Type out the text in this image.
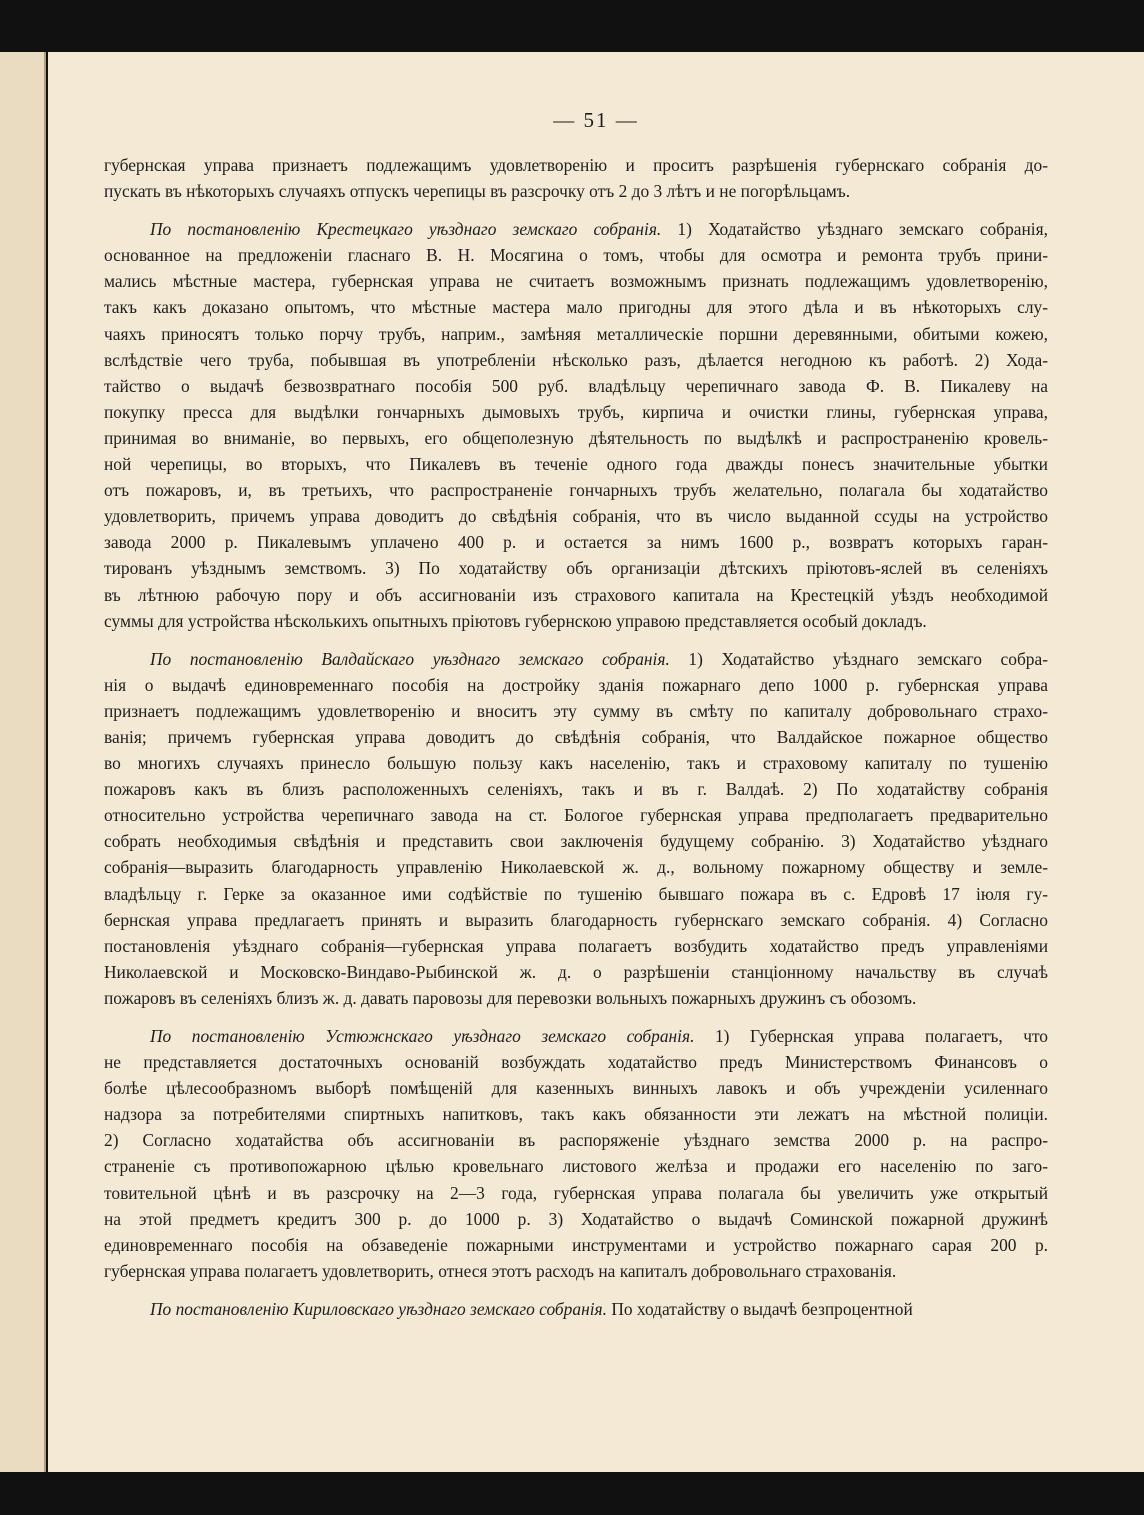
— 51 —
губернская управа признаетъ подлежащимъ удовлетворенію и проситъ разрѣшенія губернскаго собранія до-
пускать въ нѣкоторыхъ случаяхъ отпускъ черепицы въ разсрочку отъ 2 до 3 лѣтъ и не погорѣльцамъ.
По постановленію Крестецкаго уѣзднаго земскаго собранія. 1) Ходатайство уѣзднаго земскаго собранія,
основанное на предложеніи гласнаго В. Н. Мосягина о томъ, чтобы для осмотра и ремонта трубъ прини-
мались мѣстные мастера, губернская управа не считаетъ возможнымъ признать подлежащимъ удовлетворенію,
такъ какъ доказано опытомъ, что мѣстные мастера мало пригодны для этого дѣла и въ нѣкоторыхъ слу-
чаяхъ приносятъ только порчу трубъ, наприм., замѣняя металлическіе поршни деревянными, обитыми кожею,
вслѣдствіе чего труба, побывшая въ употребленіи нѣсколько разъ, дѣлается негодною къ работѣ. 2) Хода-
тайство о выдачѣ безвозвратнаго пособія 500 руб. владѣльцу черепичнаго завода Ф. В. Пикалеву на
покупку пресса для выдѣлки гончарныхъ дымовыхъ трубъ, кирпича и очистки глины, губернская управа,
принимая во вниманіе, во первыхъ, его общеполезную дѣятельность по выдѣлкѣ и распространенію кровель-
ной черепицы, во вторыхъ, что Пикалевъ въ теченіе одного года дважды понесъ значительные убытки
отъ пожаровъ, и, въ третьихъ, что распространеніе гончарныхъ трубъ желательно, полагала бы ходатайство
удовлетворить, причемъ управа доводитъ до свѣдѣнія собранія, что въ число выданной ссуды на устройство
завода 2000 р. Пикалевымъ уплачено 400 р. и остается за нимъ 1600 р., возвратъ которыхъ гаран-
тированъ уѣзднымъ земствомъ. 3) По ходатайству объ организаціи дѣтскихъ пріютовъ-яслей въ селеніяхъ
въ лѣтнюю рабочую пору и объ ассигнованіи изъ страхового капитала на Крестецкій уѣздъ необходимой
суммы для устройства нѣсколькихъ опытныхъ пріютовъ губернскою управою представляется особый докладъ.
По постановленію Валдайскаго уѣзднаго земскаго собранія. 1) Ходатайство уѣзднаго земскаго собра-
нія о выдачѣ единовременнаго пособія на достройку зданія пожарнаго депо 1000 р. губернская управа
признаетъ подлежащимъ удовлетворенію и вноситъ эту сумму въ смѣту по капиталу добровольнаго страхо-
ванія; причемъ губернская управа доводитъ до свѣдѣнія собранія, что Валдайское пожарное общество
во многихъ случаяхъ принесло большую пользу какъ населенію, такъ и страховому капиталу по тушенію
пожаровъ какъ въ близъ расположенныхъ селеніяхъ, такъ и въ г. Валдаѣ. 2) По ходатайству собранія
относительно устройства черепичнаго завода на ст. Бологое губернская управа предполагаетъ предварительно
собрать необходимыя свѣдѣнія и представить свои заключенія будущему собранію. 3) Ходатайство уѣзднаго
собранія—выразить благодарность управленію Николаевской ж. д., вольному пожарному обществу и земле-
владѣльцу г. Герке за оказанное ими содѣйствіе по тушенію бывшаго пожара въ с. Едровѣ 17 іюля гу-
бернская управа предлагаетъ принять и выразить благодарность губернскаго земскаго собранія. 4) Согласно
постановленія уѣзднаго собранія—губернская управа полагаетъ возбудить ходатайство предъ управленіями
Николаевской и Московско-Виндаво-Рыбинской ж. д. о разрѣшеніи станціонному начальству въ случаѣ
пожаровъ въ селеніяхъ близъ ж. д. давать паровозы для перевозки вольныхъ пожарныхъ дружинъ съ обозомъ.
По постановленію Устюжнскаго уѣзднаго земскаго собранія. 1) Губернская управа полагаетъ, что
не представляется достаточныхъ основаній возбуждать ходатайство предъ Министерствомъ Финансовъ о
болѣе цѣлесообразномъ выборѣ помѣщеній для казенныхъ винныхъ лавокъ и объ учрежденіи усиленнаго
надзора за потребителями спиртныхъ напитковъ, такъ какъ обязанности эти лежатъ на мѣстной полиціи.
2) Согласно ходатайства объ ассигнованіи въ распоряженіе уѣзднаго земства 2000 р. на распро-
страненіе съ противопожарною цѣлью кровельнаго листового желѣза и продажи его населенію по заго-
товительной цѣнѣ и въ разсрочку на 2—3 года, губернская управа полагала бы увеличить уже открытый
на этой предметъ кредитъ 300 р. до 1000 р. 3) Ходатайство о выдачѣ Соминской пожарной дружинѣ
единовременнаго пособія на обзаведеніе пожарными инструментами и устройство пожарнаго сарая 200 р.
губернская управа полагаетъ удовлетворить, отнеся этотъ расходъ на капиталъ добровольнаго страхованія.
По постановленію Кириловскаго уѣзднаго земскаго собранія. По ходатайству о выдачѣ безпроцентной
